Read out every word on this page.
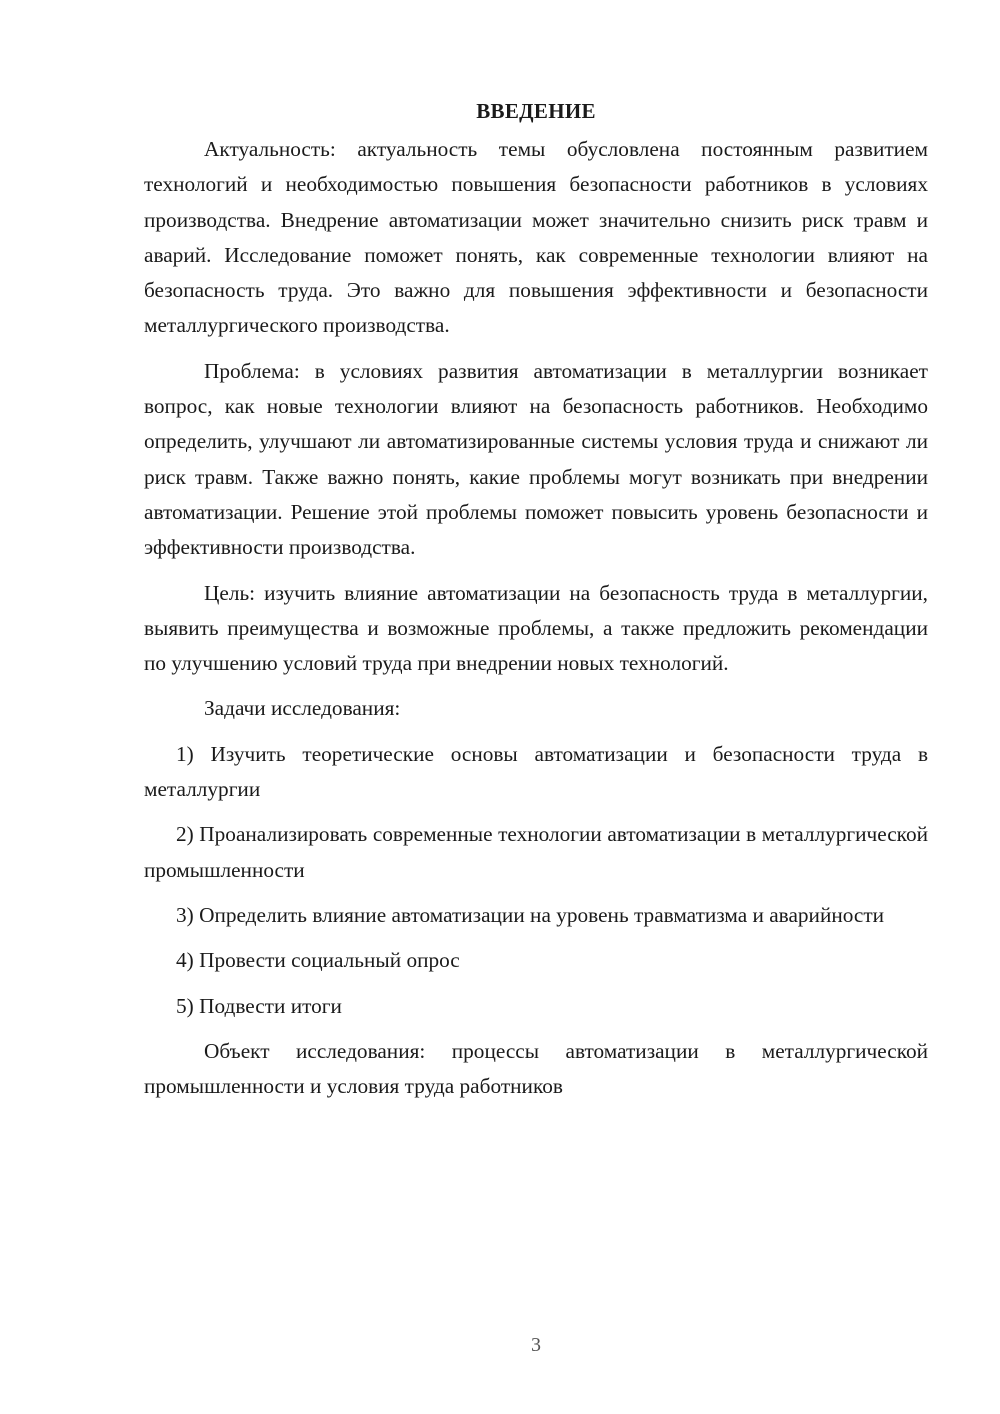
ВВЕДЕНИЕ

Актуальность: актуальность темы обусловлена постоянным развитием технологий и необходимостью повышения безопасности работников в условиях производства. Внедрение автоматизации может значительно снизить риск травм и аварий. Исследование поможет понять, как современные технологии влияют на безопасность труда. Это важно для повышения эффективности и безопасности металлургического производства.

Проблема: в условиях развития автоматизации в металлургии возникает вопрос, как новые технологии влияют на безопасность работников. Необходимо определить, улучшают ли автоматизированные системы условия труда и снижают ли риск травм. Также важно понять, какие проблемы могут возникать при внедрении автоматизации. Решение этой проблемы поможет повысить уровень безопасности и эффективности производства.

Цель: изучить влияние автоматизации на безопасность труда в металлургии, выявить преимущества и возможные проблемы, а также предложить рекомендации по улучшению условий труда при внедрении новых технологий.

Задачи исследования:

1) Изучить теоретические основы автоматизации и безопасности труда в металлургии

2) Проанализировать современные технологии автоматизации в металлургической промышленности

3) Определить влияние автоматизации на уровень травматизма и аварийности

4) Провести социальный опрос

5) Подвести итоги

Объект исследования: процессы автоматизации в металлургической промышленности и условия труда работников

3
